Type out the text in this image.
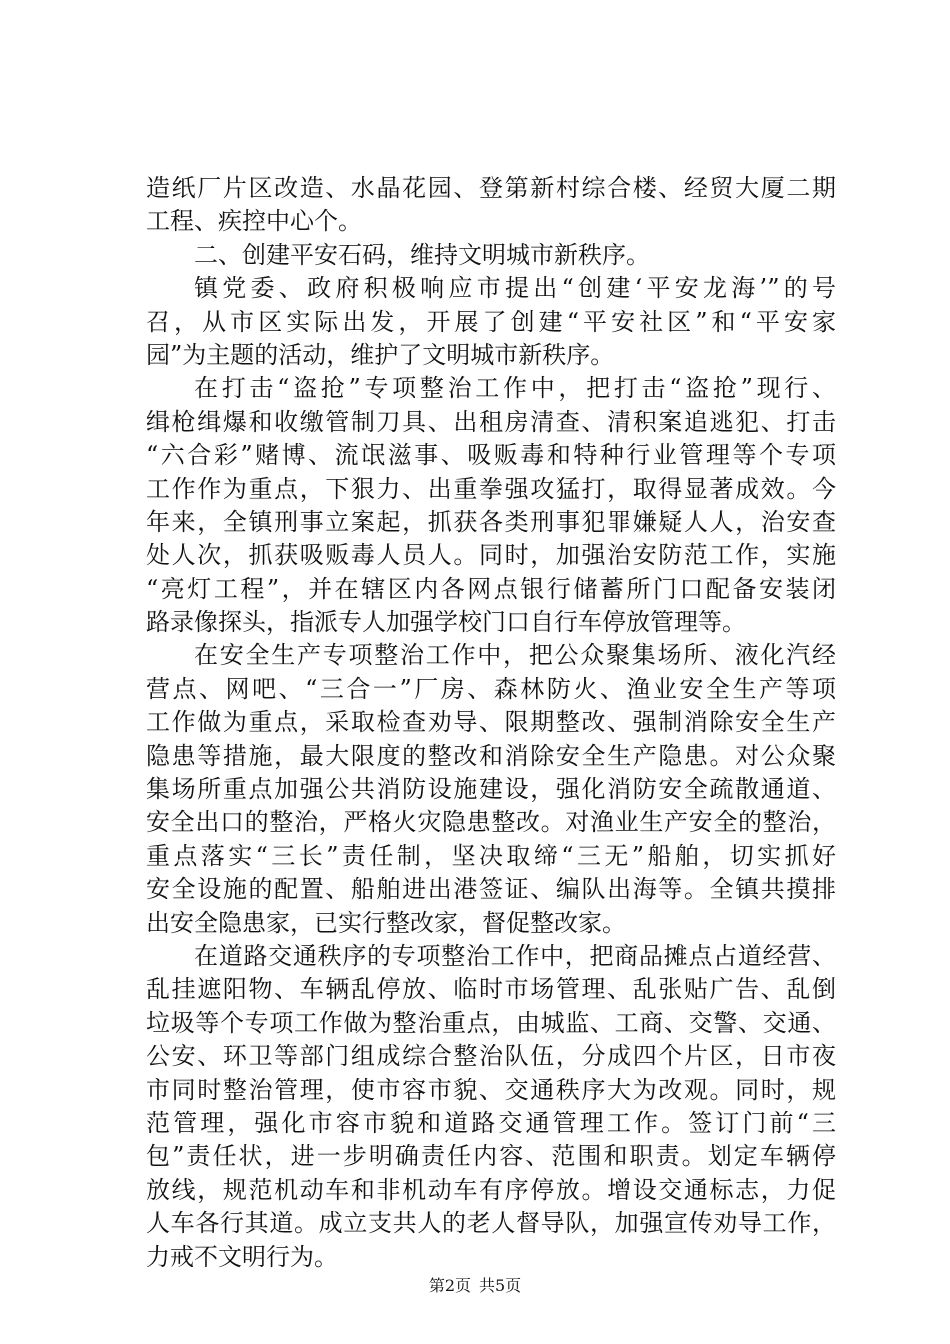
造纸厂片区改造、水晶花园、登第新村综合楼、经贸大厦二期
工程、疾控中心个。
二、创建平安石码，维持文明城市新秩序。
镇党委、政府积极响应市提出“创建‘平安龙海’”的号
召，从市区实际出发，开展了创建“平安社区”和“平安家
园”为主题的活动，维护了文明城市新秩序。
在打击“盗抢”专项整治工作中，把打击“盗抢”现行、
缉枪缉爆和收缴管制刀具、出租房清查、清积案追逃犯、打击
“六合彩”赌博、流氓滋事、吸贩毒和特种行业管理等个专项
工作作为重点，下狠力、出重拳强攻猛打，取得显著成效。今
年来，全镇刑事立案起，抓获各类刑事犯罪嫌疑人人，治安查
处人次，抓获吸贩毒人员人。同时，加强治安防范工作，实施
“亮灯工程”，并在辖区内各网点银行储蓄所门口配备安装闭
路录像探头，指派专人加强学校门口自行车停放管理等。
在安全生产专项整治工作中，把公众聚集场所、液化汽经
营点、网吧、“三合一”厂房、森林防火、渔业安全生产等项
工作做为重点，采取检查劝导、限期整改、强制消除安全生产
隐患等措施，最大限度的整改和消除安全生产隐患。对公众聚
集场所重点加强公共消防设施建设，强化消防安全疏散通道、
安全出口的整治，严格火灾隐患整改。对渔业生产安全的整治，
重点落实“三长”责任制，坚决取缔“三无”船舶，切实抓好
安全设施的配置、船舶进出港签证、编队出海等。全镇共摸排
出安全隐患家，已实行整改家，督促整改家。
在道路交通秩序的专项整治工作中，把商品摊点占道经营、
乱挂遮阳物、车辆乱停放、临时市场管理、乱张贴广告、乱倒
垃圾等个专项工作做为整治重点，由城监、工商、交警、交通、
公安、环卫等部门组成综合整治队伍，分成四个片区，日市夜
市同时整治管理，使市容市貌、交通秩序大为改观。同时，规
范管理，强化市容市貌和道路交通管理工作。签订门前“三
包”责任状，进一步明确责任内容、范围和职责。划定车辆停
放线，规范机动车和非机动车有序停放。增设交通标志，力促
人车各行其道。成立支共人的老人督导队，加强宣传劝导工作，
力戒不文明行为。
第2页 共5页
